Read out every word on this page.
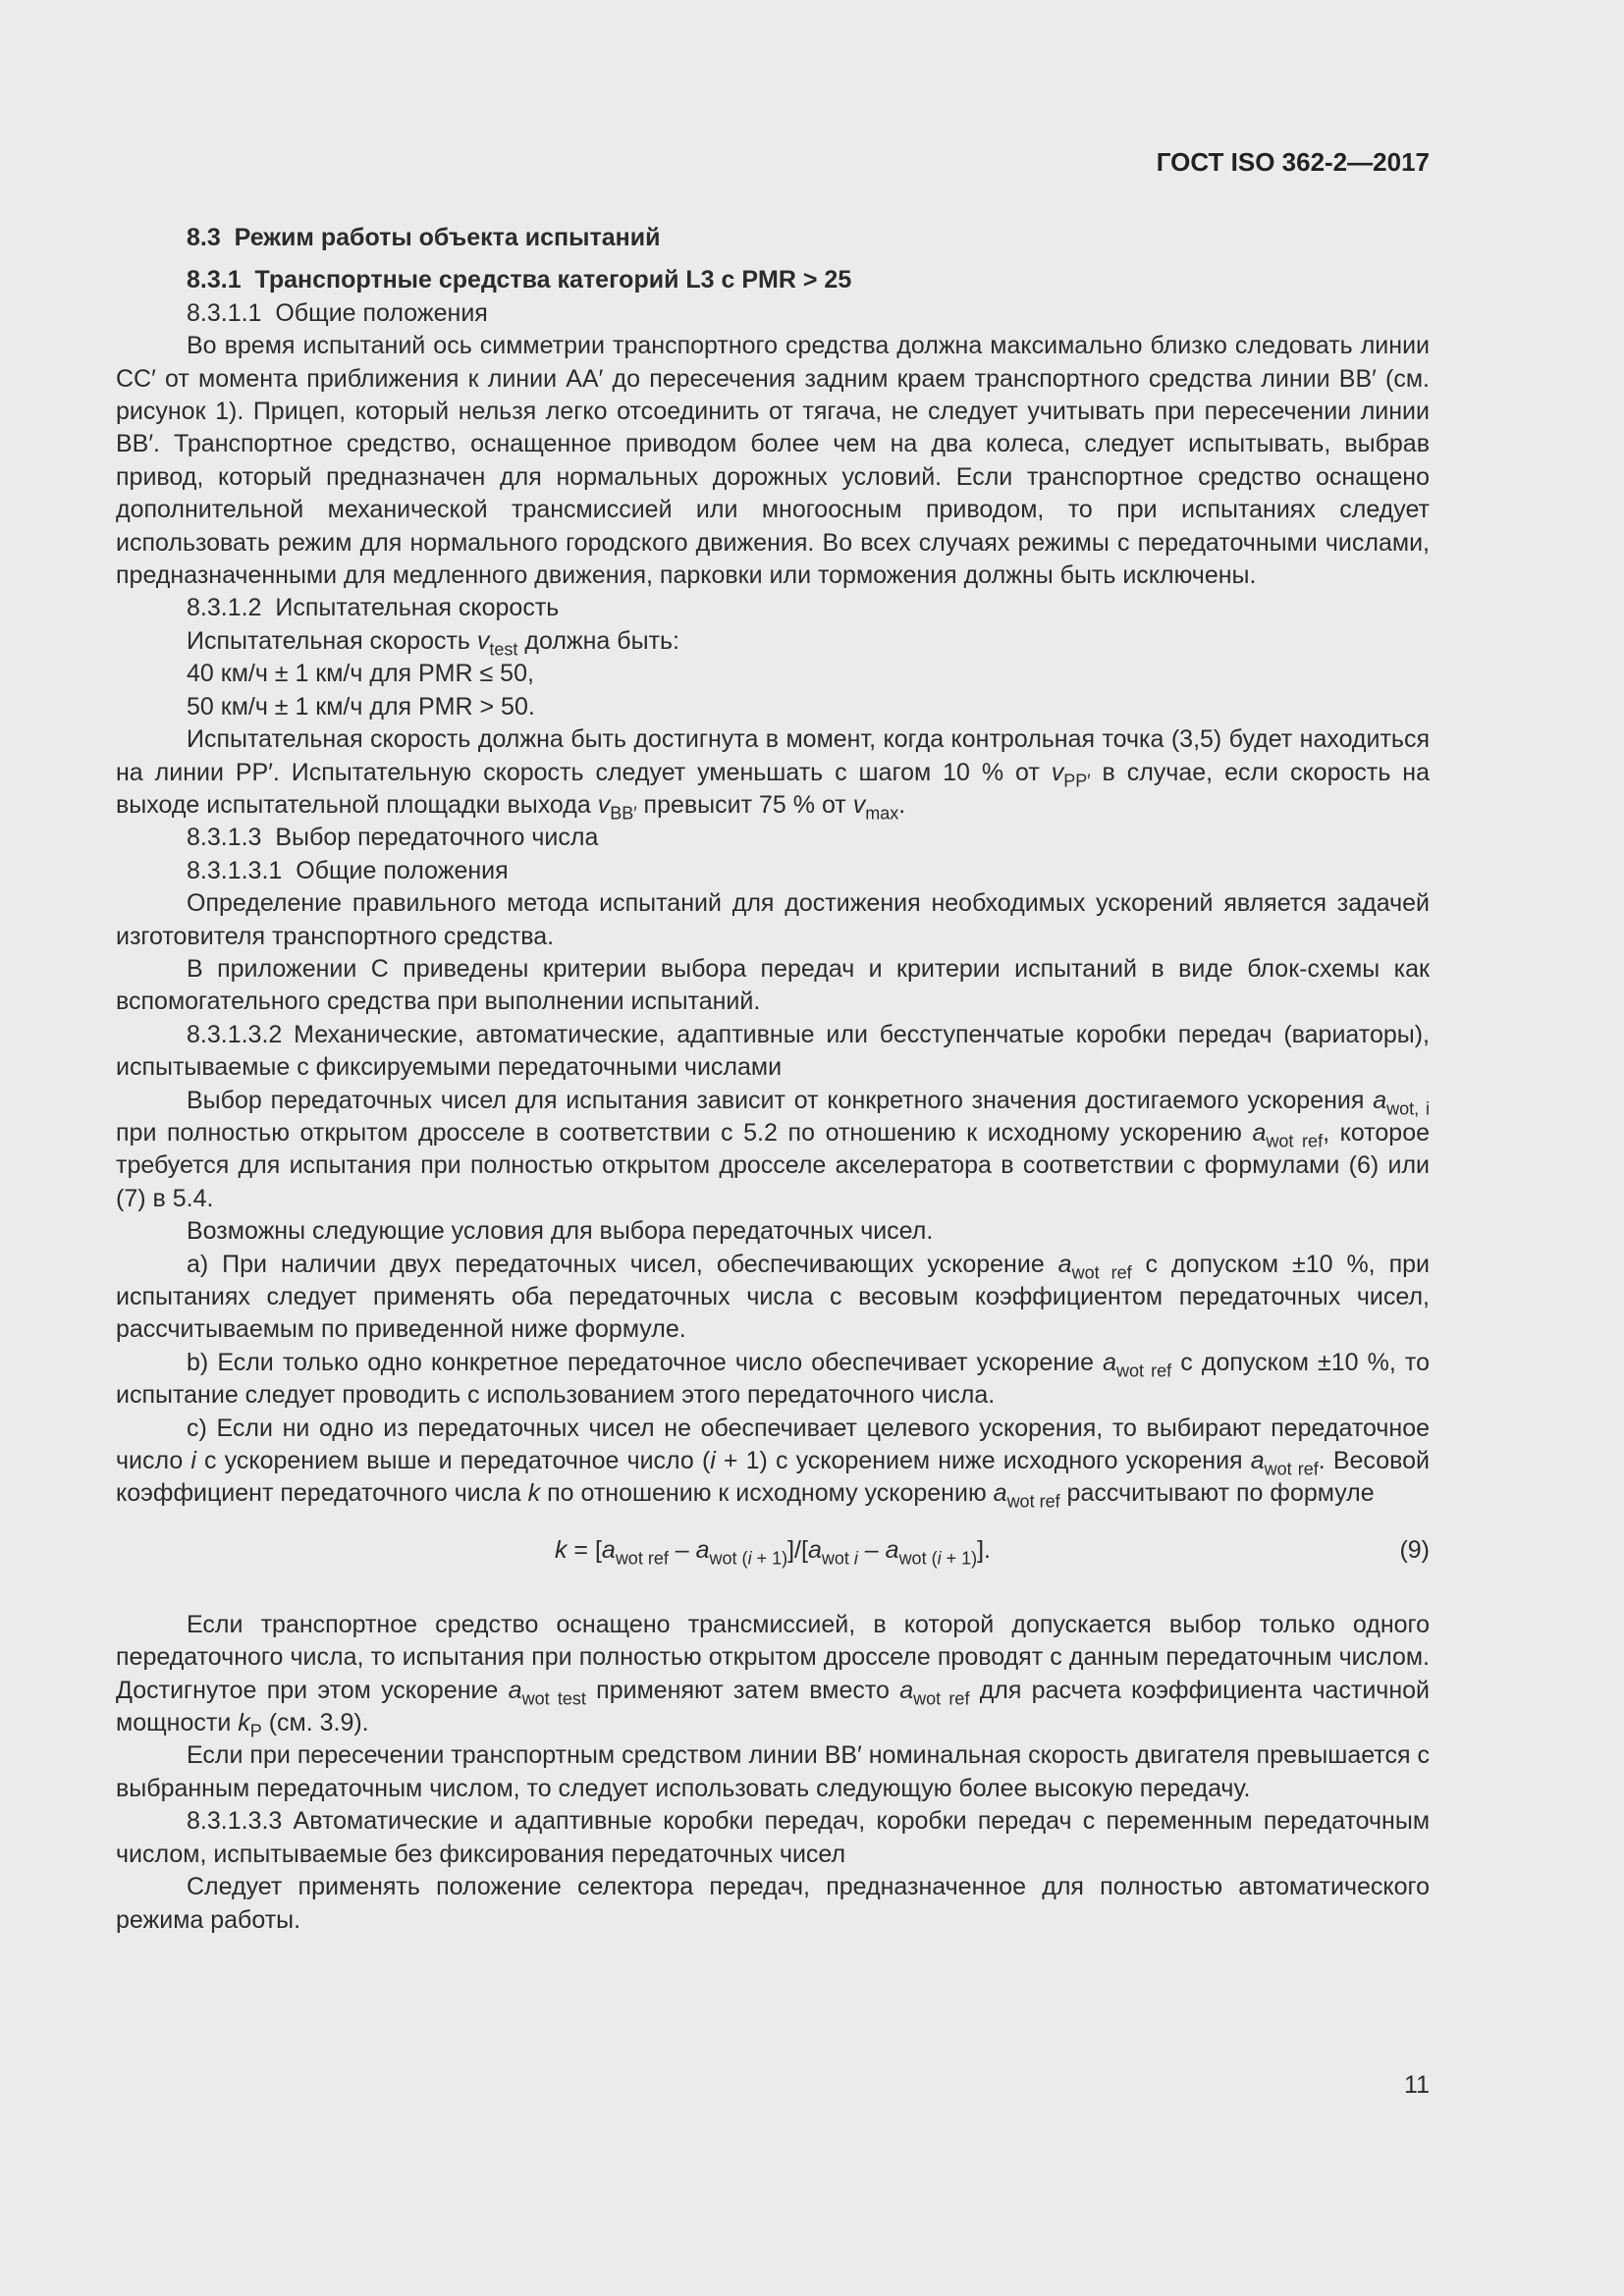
ГОСТ ISO 362-2—2017
8.3 Режим работы объекта испытаний
8.3.1 Транспортные средства категорий L3 с PMR > 25
8.3.1.1 Общие положения

Во время испытаний ось симметрии транспортного средства должна максимально близко следовать линии СС′ от момента приближения к линии АА′ до пересечения задним краем транспортного средства линии ВВ′ (см. рисунок 1). Прицеп, который нельзя легко отсоединить от тягача, не следует учитывать при пересечении линии ВВ′. Транспортное средство, оснащенное приводом более чем на два колеса, следует испытывать, выбрав привод, который предназначен для нормальных дорожных условий. Если транспортное средство оснащено дополнительной механической трансмиссией или многоосным приводом, то при испытаниях следует использовать режим для нормального городского движения. Во всех случаях режимы с передаточными числами, предназначенными для медленного движения, парковки или торможения должны быть исключены.

8.3.1.2 Испытательная скорость

Испытательная скорость $v_{test}$ должна быть:

40 км/ч ± 1 км/ч для PMR ≤ 50,

50 км/ч ± 1 км/ч для PMR > 50.

Испытательная скорость должна быть достигнута в момент, когда контрольная точка (3,5) будет находиться на линии РР′. Испытательную скорость следует уменьшать с шагом 10 % от $v_{PP'}$ в случае, если скорость на выходе испытательной площадки выхода $v_{BB'}$ превысит 75 % от $v_{max}$.

8.3.1.3 Выбор передаточного числа
8.3.1.3.1 Общие положения

Определение правильного метода испытаний для достижения необходимых ускорений является задачей изготовителя транспортного средства.

В приложении С приведены критерии выбора передач и критерии испытаний в виде блок-схемы как вспомогательного средства при выполнении испытаний.

8.3.1.3.2 Механические, автоматические, адаптивные или бесступенчатые коробки передач (вариаторы), испытываемые с фиксируемыми передаточными числами

Выбор передаточных чисел для испытания зависит от конкретного значения достигаемого ускорения $a_{wot, i}$ при полностью открытом дросселе в соответствии с 5.2 по отношению к исходному ускорению $a_{wot ref}$, которое требуется для испытания при полностью открытом дросселе акселератора в соответствии с формулами (6) или (7) в 5.4.

Возможны следующие условия для выбора передаточных чисел.

а) При наличии двух передаточных чисел, обеспечивающих ускорение $a_{wot ref}$ с допуском ±10 %, при испытаниях следует применять оба передаточных числа с весовым коэффициентом передаточных чисел, рассчитываемым по приведенной ниже формуле.

b) Если только одно конкретное передаточное число обеспечивает ускорение $a_{wot ref}$ с допуском ±10 %, то испытание следует проводить с использованием этого передаточного числа.

с) Если ни одно из передаточных чисел не обеспечивает целевого ускорения, то выбирают передаточное число i с ускорением выше и передаточное число (i + 1) с ускорением ниже исходного ускорения $a_{wot ref}$. Весовой коэффициент передаточного числа k по отношению к исходному ускорению $a_{wot ref}$ рассчитывают по формуле

$k = [a_{wot ref} - a_{wot (i + 1)}]/[a_{wot i} - a_{wot (i + 1)}]$.	(9)

Если транспортное средство оснащено трансмиссией, в которой допускается выбор только одного передаточного числа, то испытания при полностью открытом дросселе проводят с данным передаточным числом. Достигнутое при этом ускорение $a_{wot test}$ применяют затем вместо $a_{wot ref}$ для расчета коэффициента частичной мощности $k_P$ (см. 3.9).

Если при пересечении транспортным средством линии ВВ′ номинальная скорость двигателя превышается с выбранным передаточным числом, то следует использовать следующую более высокую передачу.

8.3.1.3.3 Автоматические и адаптивные коробки передач, коробки передач с переменным передаточным числом, испытываемые без фиксирования передаточных чисел

Следует применять положение селектора передач, предназначенное для полностью автоматического режима работы.

11
